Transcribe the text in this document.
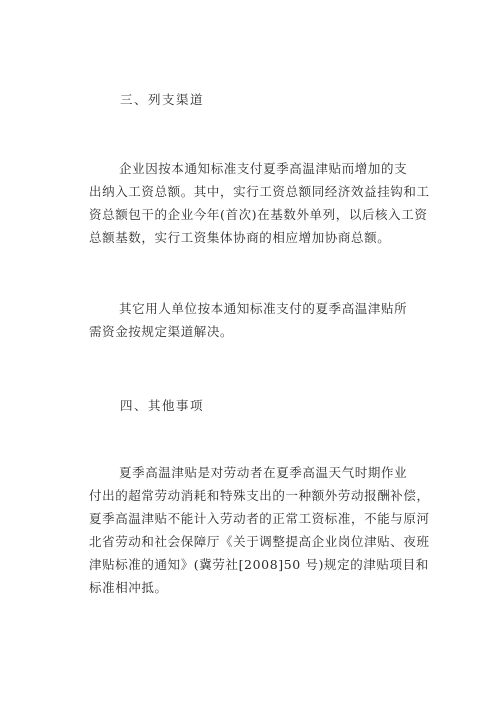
三、列支渠道
企业因按本通知标准支付夏季高温津贴而增加的支
出纳入工资总额。其中，实行工资总额同经济效益挂钩和工
资总额包干的企业今年(首次)在基数外单列，以后核入工资
总额基数，实行工资集体协商的相应增加协商总额。
其它用人单位按本通知标准支付的夏季高温津贴所
需资金按规定渠道解决。
四、其他事项
夏季高温津贴是对劳动者在夏季高温天气时期作业
付出的超常劳动消耗和特殊支出的一种额外劳动报酬补偿，
夏季高温津贴不能计入劳动者的正常工资标准，不能与原河
北省劳动和社会保障厅《关于调整提高企业岗位津贴、夜班
津贴标准的通知》(冀劳社[2008]50 号)规定的津贴项目和
标准相冲抵。
